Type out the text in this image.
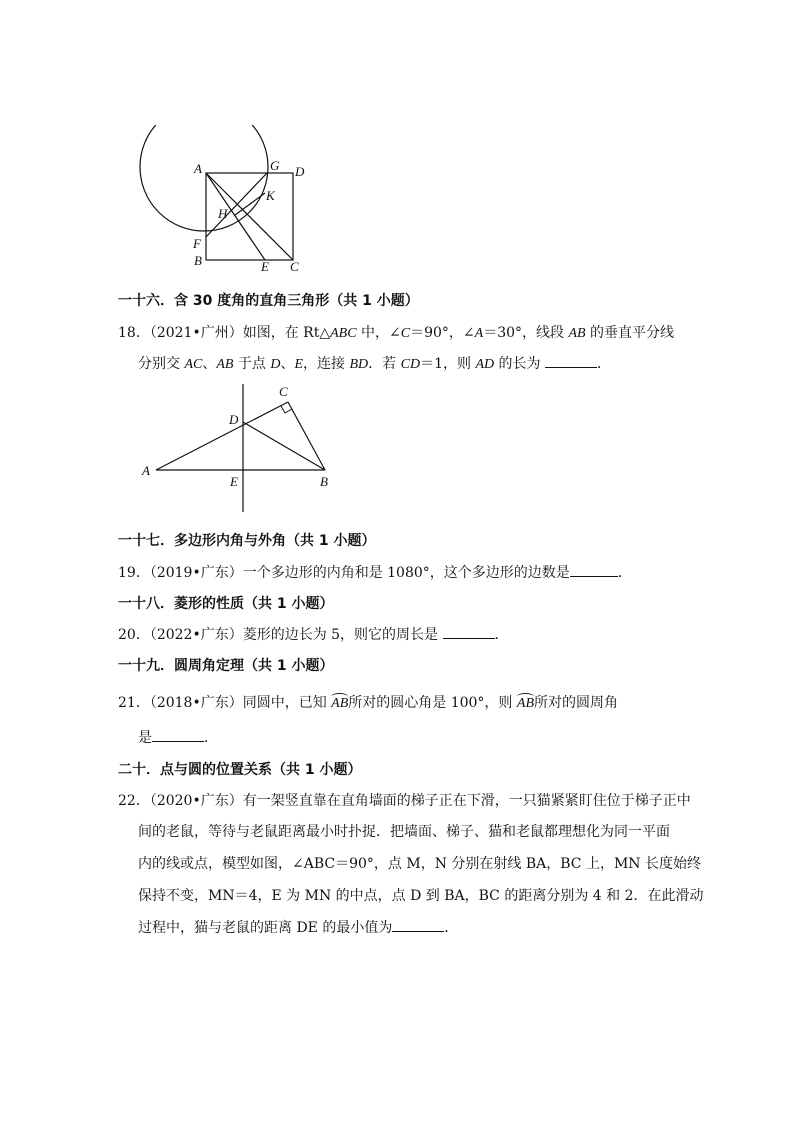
A	G D
K
H
F
B	E C
一十六．含 30 度角的直角三角形（共 1 小题）
18．（2021•广州）如图，在 Rt△ABC 中，∠C＝90°，∠A＝30°，线段 AB 的垂直平分线
分别交 AC、AB 于点 D、E，连接 BD．若 CD＝1，则 AD 的长为	．
C
D
A
E	B
一十七．多边形内角与外角（共 1 小题）
19．（2019•广东）一个多边形的内角和是 1080°，这个多边形的边数是	．
一十八．菱形的性质（共 1 小题）
20．（2022•广东）菱形的边长为 5，则它的周长是	．
一十九．圆周角定理（共 1 小题）
21．（2018•广东）同圆中，已知 AB所对的圆心角是 100°，则 AB所对的圆周角
是	．
二十．点与圆的位置关系（共 1 小题）
22．（2020•广东）有一架竖直靠在直角墙面的梯子正在下滑，一只猫紧紧盯住位于梯子正中
间的老鼠，等待与老鼠距离最小时扑捉．把墙面、梯子、猫和老鼠都理想化为同一平面
内的线或点，模型如图，∠ABC＝90°，点 M，N 分别在射线 BA，BC 上，MN 长度始终
保持不变，MN＝4，E 为 MN 的中点，点 D 到 BA，BC 的距离分别为 4 和 2．在此滑动
过程中，猫与老鼠的距离 DE 的最小值为	．
